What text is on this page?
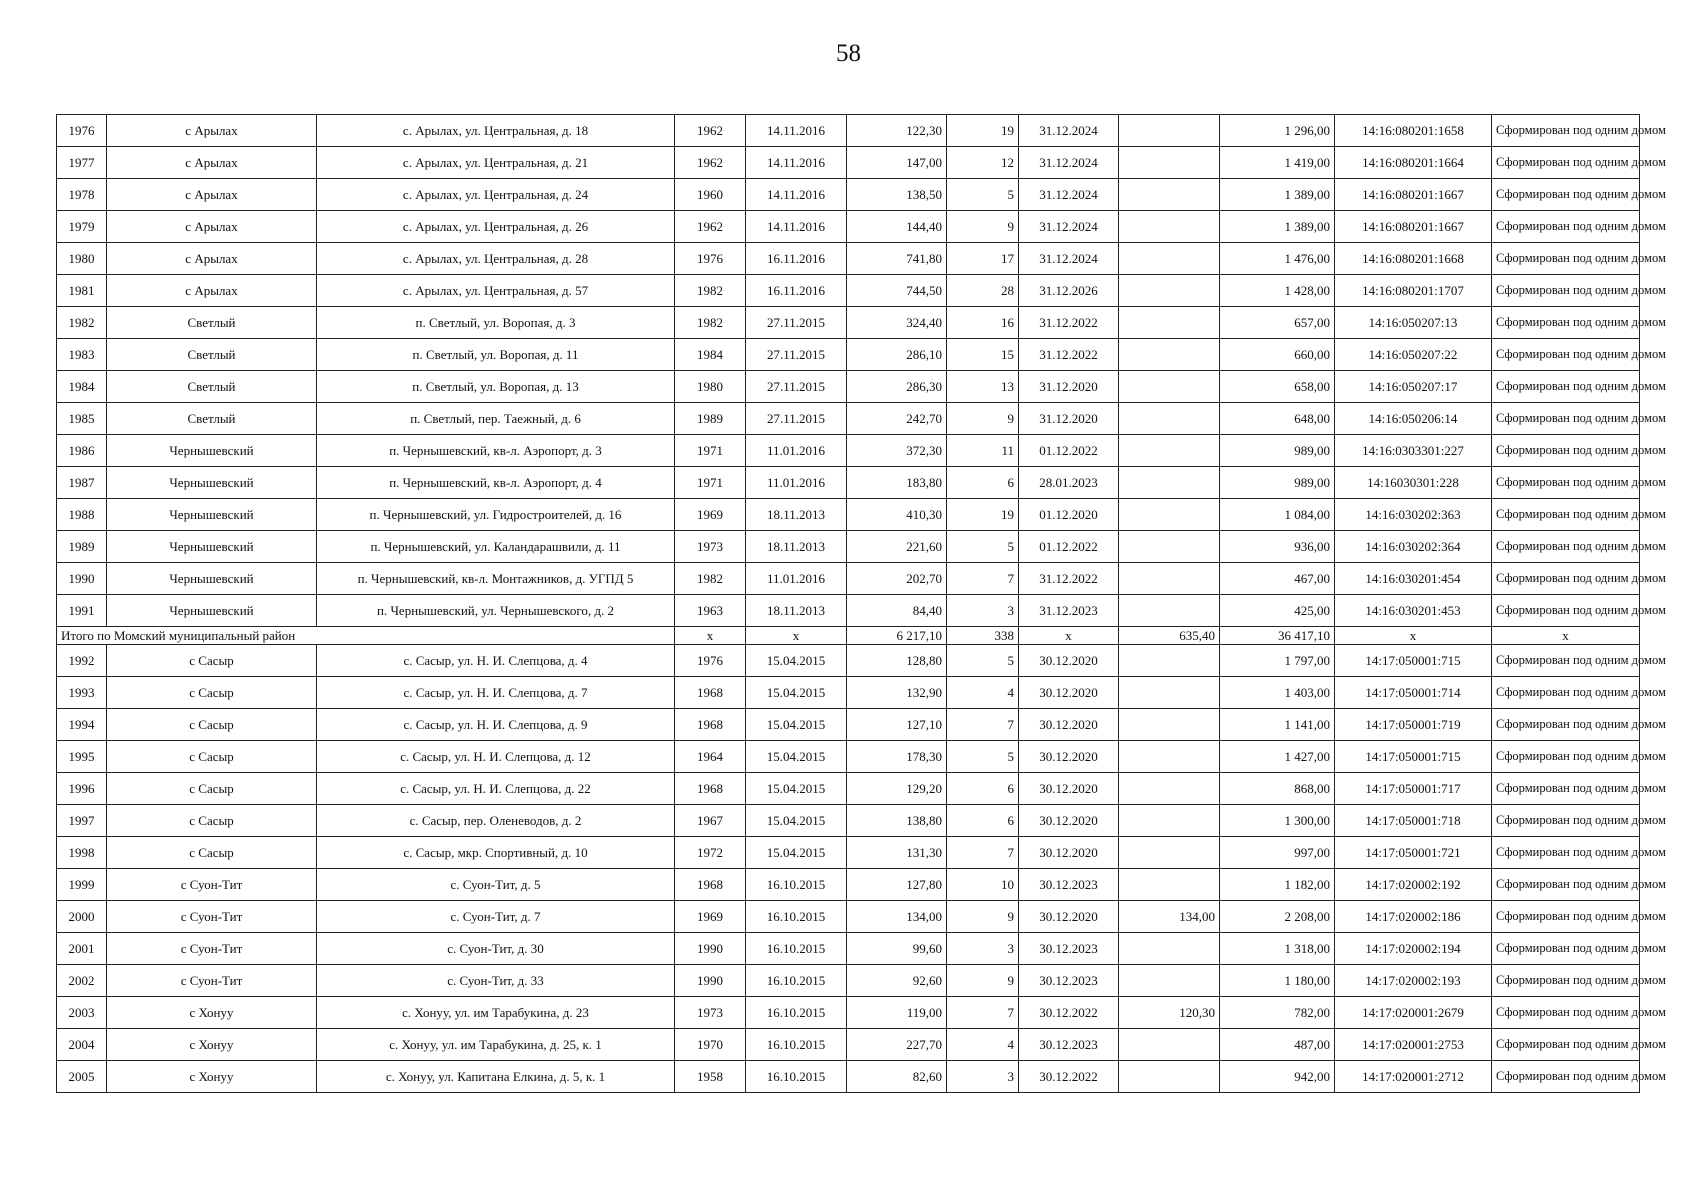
58
1976	с Арылах	с. Арылах, ул. Центральная, д. 18	1962	14.11.2016	122,30	19	31.12.2024		1 296,00	14:16:080201:1658	Сформирован под одним домом
1977	с Арылах	с. Арылах, ул. Центральная, д. 21	1962	14.11.2016	147,00	12	31.12.2024		1 419,00	14:16:080201:1664	Сформирован под одним домом
1978	с Арылах	с. Арылах, ул. Центральная, д. 24	1960	14.11.2016	138,50	5	31.12.2024		1 389,00	14:16:080201:1667	Сформирован под одним домом
1979	с Арылах	с. Арылах, ул. Центральная, д. 26	1962	14.11.2016	144,40	9	31.12.2024		1 389,00	14:16:080201:1667	Сформирован под одним домом
1980	с Арылах	с. Арылах, ул. Центральная, д. 28	1976	16.11.2016	741,80	17	31.12.2024		1 476,00	14:16:080201:1668	Сформирован под одним домом
1981	с Арылах	с. Арылах, ул. Центральная, д. 57	1982	16.11.2016	744,50	28	31.12.2026		1 428,00	14:16:080201:1707	Сформирован под одним домом
1982	Светлый	п. Светлый, ул. Воропая, д. 3	1982	27.11.2015	324,40	16	31.12.2022		657,00	14:16:050207:13	Сформирован под одним домом
1983	Светлый	п. Светлый, ул. Воропая, д. 11	1984	27.11.2015	286,10	15	31.12.2022		660,00	14:16:050207:22	Сформирован под одним домом
1984	Светлый	п. Светлый, ул. Воропая, д. 13	1980	27.11.2015	286,30	13	31.12.2020		658,00	14:16:050207:17	Сформирован под одним домом
1985	Светлый	п. Светлый, пер. Таежный, д. 6	1989	27.11.2015	242,70	9	31.12.2020		648,00	14:16:050206:14	Сформирован под одним домом
1986	Чернышевский	п. Чернышевский, кв-л. Аэропорт, д. 3	1971	11.01.2016	372,30	11	01.12.2022		989,00	14:16:0303301:227	Сформирован под одним домом
1987	Чернышевский	п. Чернышевский, кв-л. Аэропорт, д. 4	1971	11.01.2016	183,80	6	28.01.2023		989,00	14:16030301:228	Сформирован под одним домом
1988	Чернышевский	п. Чернышевский, ул. Гидростроителей, д. 16	1969	18.11.2013	410,30	19	01.12.2020		1 084,00	14:16:030202:363	Сформирован под одним домом
1989	Чернышевский	п. Чернышевский, ул. Каландарашвили, д. 11	1973	18.11.2013	221,60	5	01.12.2022		936,00	14:16:030202:364	Сформирован под одним домом
1990	Чернышевский	п. Чернышевский, кв-л. Монтажников, д. УГПД 5	1982	11.01.2016	202,70	7	31.12.2022		467,00	14:16:030201:454	Сформирован под одним домом
1991	Чернышевский	п. Чернышевский, ул. Чернышевского, д. 2	1963	18.11.2013	84,40	3	31.12.2023		425,00	14:16:030201:453	Сформирован под одним домом
Итого по Момский муниципальный район			x	x	6 217,10	338	x	635,40	36 417,10	x	x
1992	с Сасыр	с. Сасыр, ул. Н. И. Слепцова, д. 4	1976	15.04.2015	128,80	5	30.12.2020		1 797,00	14:17:050001:715	Сформирован под одним домом
1993	с Сасыр	с. Сасыр, ул. Н. И. Слепцова, д. 7	1968	15.04.2015	132,90	4	30.12.2020		1 403,00	14:17:050001:714	Сформирован под одним домом
1994	с Сасыр	с. Сасыр, ул. Н. И. Слепцова, д. 9	1968	15.04.2015	127,10	7	30.12.2020		1 141,00	14:17:050001:719	Сформирован под одним домом
1995	с Сасыр	с. Сасыр, ул. Н. И. Слепцова, д. 12	1964	15.04.2015	178,30	5	30.12.2020		1 427,00	14:17:050001:715	Сформирован под одним домом
1996	с Сасыр	с. Сасыр, ул. Н. И. Слепцова, д. 22	1968	15.04.2015	129,20	6	30.12.2020		868,00	14:17:050001:717	Сформирован под одним домом
1997	с Сасыр	с. Сасыр, пер. Оленеводов, д. 2	1967	15.04.2015	138,80	6	30.12.2020		1 300,00	14:17:050001:718	Сформирован под одним домом
1998	с Сасыр	с. Сасыр, мкр. Спортивный, д. 10	1972	15.04.2015	131,30	7	30.12.2020		997,00	14:17:050001:721	Сформирован под одним домом
1999	с Суон-Тит	с. Суон-Тит, д. 5	1968	16.10.2015	127,80	10	30.12.2023		1 182,00	14:17:020002:192	Сформирован под одним домом
2000	с Суон-Тит	с. Суон-Тит, д. 7	1969	16.10.2015	134,00	9	30.12.2020	134,00	2 208,00	14:17:020002:186	Сформирован под одним домом
2001	с Суон-Тит	с. Суон-Тит, д. 30	1990	16.10.2015	99,60	3	30.12.2023		1 318,00	14:17:020002:194	Сформирован под одним домом
2002	с Суон-Тит	с. Суон-Тит, д. 33	1990	16.10.2015	92,60	9	30.12.2023		1 180,00	14:17:020002:193	Сформирован под одним домом
2003	с Хонуу	с. Хонуу, ул. им Тарабукина, д. 23	1973	16.10.2015	119,00	7	30.12.2022	120,30	782,00	14:17:020001:2679	Сформирован под одним домом
2004	с Хонуу	с. Хонуу, ул. им Тарабукина, д. 25, к. 1	1970	16.10.2015	227,70	4	30.12.2023		487,00	14:17:020001:2753	Сформирован под одним домом
2005	с Хонуу	с. Хонуу, ул. Капитана Елкина, д. 5, к. 1	1958	16.10.2015	82,60	3	30.12.2022		942,00	14:17:020001:2712	Сформирован под одним домом
